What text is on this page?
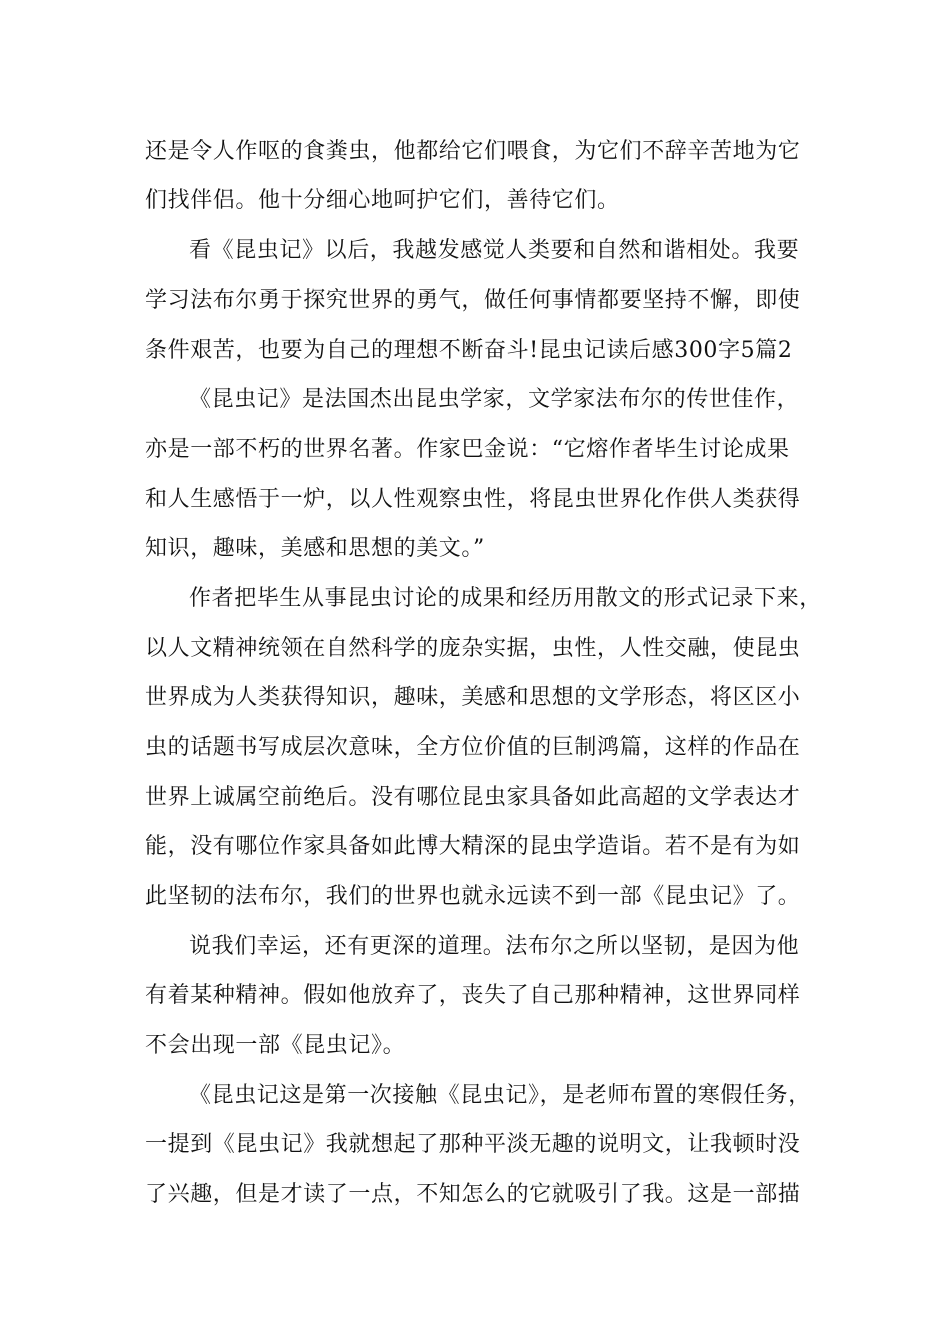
还是令人作呕的食粪虫，他都给它们喂食，为它们不辞辛苦地为它
们找伴侣。他十分细心地呵护它们，善待它们。
看《昆虫记》以后，我越发感觉人类要和自然和谐相处。我要
学习法布尔勇于探究世界的勇气，做任何事情都要坚持不懈，即使
条件艰苦，也要为自己的理想不断奋斗!昆虫记读后感300字5篇2
《昆虫记》是法国杰出昆虫学家，文学家法布尔的传世佳作，
亦是一部不朽的世界名著。作家巴金说：“它熔作者毕生讨论成果
和人生感悟于一炉，以人性观察虫性，将昆虫世界化作供人类获得
知识，趣味，美感和思想的美文。”
作者把毕生从事昆虫讨论的成果和经历用散文的形式记录下来，
以人文精神统领在自然科学的庞杂实据，虫性，人性交融，使昆虫
世界成为人类获得知识，趣味，美感和思想的文学形态，将区区小
虫的话题书写成层次意味，全方位价值的巨制鸿篇，这样的作品在
世界上诚属空前绝后。没有哪位昆虫家具备如此高超的文学表达才
能，没有哪位作家具备如此博大精深的昆虫学造诣。若不是有为如
此坚韧的法布尔，我们的世界也就永远读不到一部《昆虫记》了。
说我们幸运，还有更深的道理。法布尔之所以坚韧，是因为他
有着某种精神。假如他放弃了，丧失了自己那种精神，这世界同样
不会出现一部《昆虫记》。
《昆虫记这是第一次接触《昆虫记》，是老师布置的寒假任务，
一提到《昆虫记》我就想起了那种平淡无趣的说明文，让我顿时没
了兴趣，但是才读了一点，不知怎么的它就吸引了我。这是一部描
